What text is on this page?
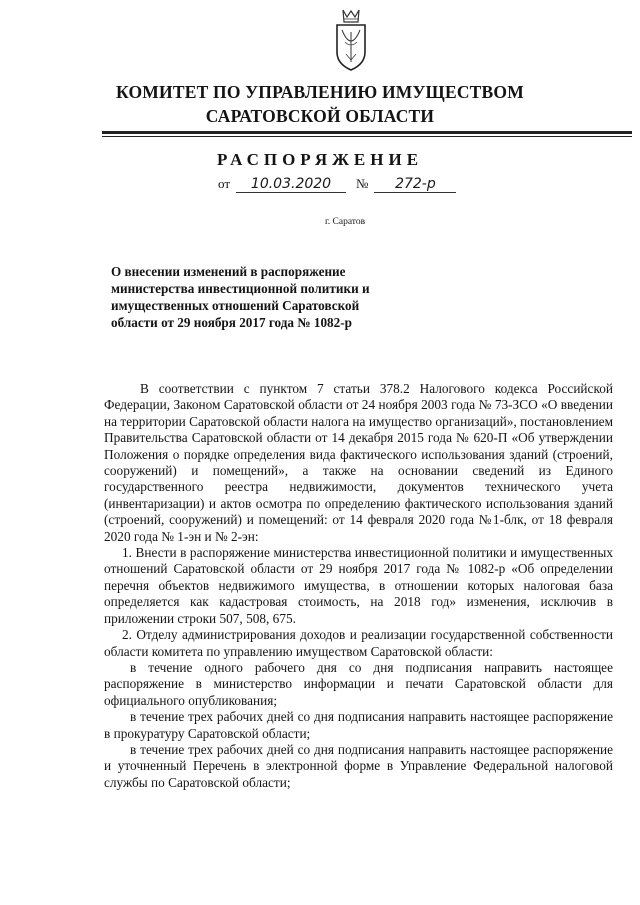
КОМИТЕТ ПО УПРАВЛЕНИЮ ИМУЩЕСТВОМ
САРАТОВСКОЙ ОБЛАСТИ
РАСПОРЯЖЕНИЕ
от 10.03.2020 № 272-р
г. Саратов

О внесении изменений в распоряжение

министерства инвестиционной политики и

имущественных отношений Саратовской

области от 29 ноября 2017 года № 1082-р

В соответствии с пунктом 7 статьи 378.2 Налогового кодекса Российской Федерации, Законом Саратовской области от 24 ноября 2003 года № 73-ЗСО «О введении на территории Саратовской области налога на имущество организаций», постановлением Правительства Саратовской области от 14 декабря 2015 года № 620-П «Об утверждении Положения о порядке определения вида фактического использования зданий (строений, сооружений) и помещений», а также на основании сведений из Единого государственного реестра недвижимости, документов технического учета (инвентаризации) и актов осмотра по определению фактического использования зданий (строений, сооружений) и помещений: от 14 февраля 2020 года №1-блк, от 18 февраля 2020 года № 1-эн и № 2-эн:

1. Внести в распоряжение министерства инвестиционной политики и имущественных отношений Саратовской области от 29 ноября 2017 года № 1082-р «Об определении перечня объектов недвижимого имущества, в отношении которых налоговая база определяется как кадастровая стоимость, на 2018 год» изменения, исключив в приложении строки 507, 508, 675.

2. Отделу администрирования доходов и реализации государственной собственности области комитета по управлению имуществом Саратовской области:

в течение одного рабочего дня со дня подписания направить настоящее распоряжение в министерство информации и печати Саратовской области для официального опубликования;

в течение трех рабочих дней со дня подписания направить настоящее распоряжение в прокуратуру Саратовской области;

в течение трех рабочих дней со дня подписания направить настоящее распоряжение и уточненный Перечень в электронной форме в Управление Федеральной налоговой службы по Саратовской области;
